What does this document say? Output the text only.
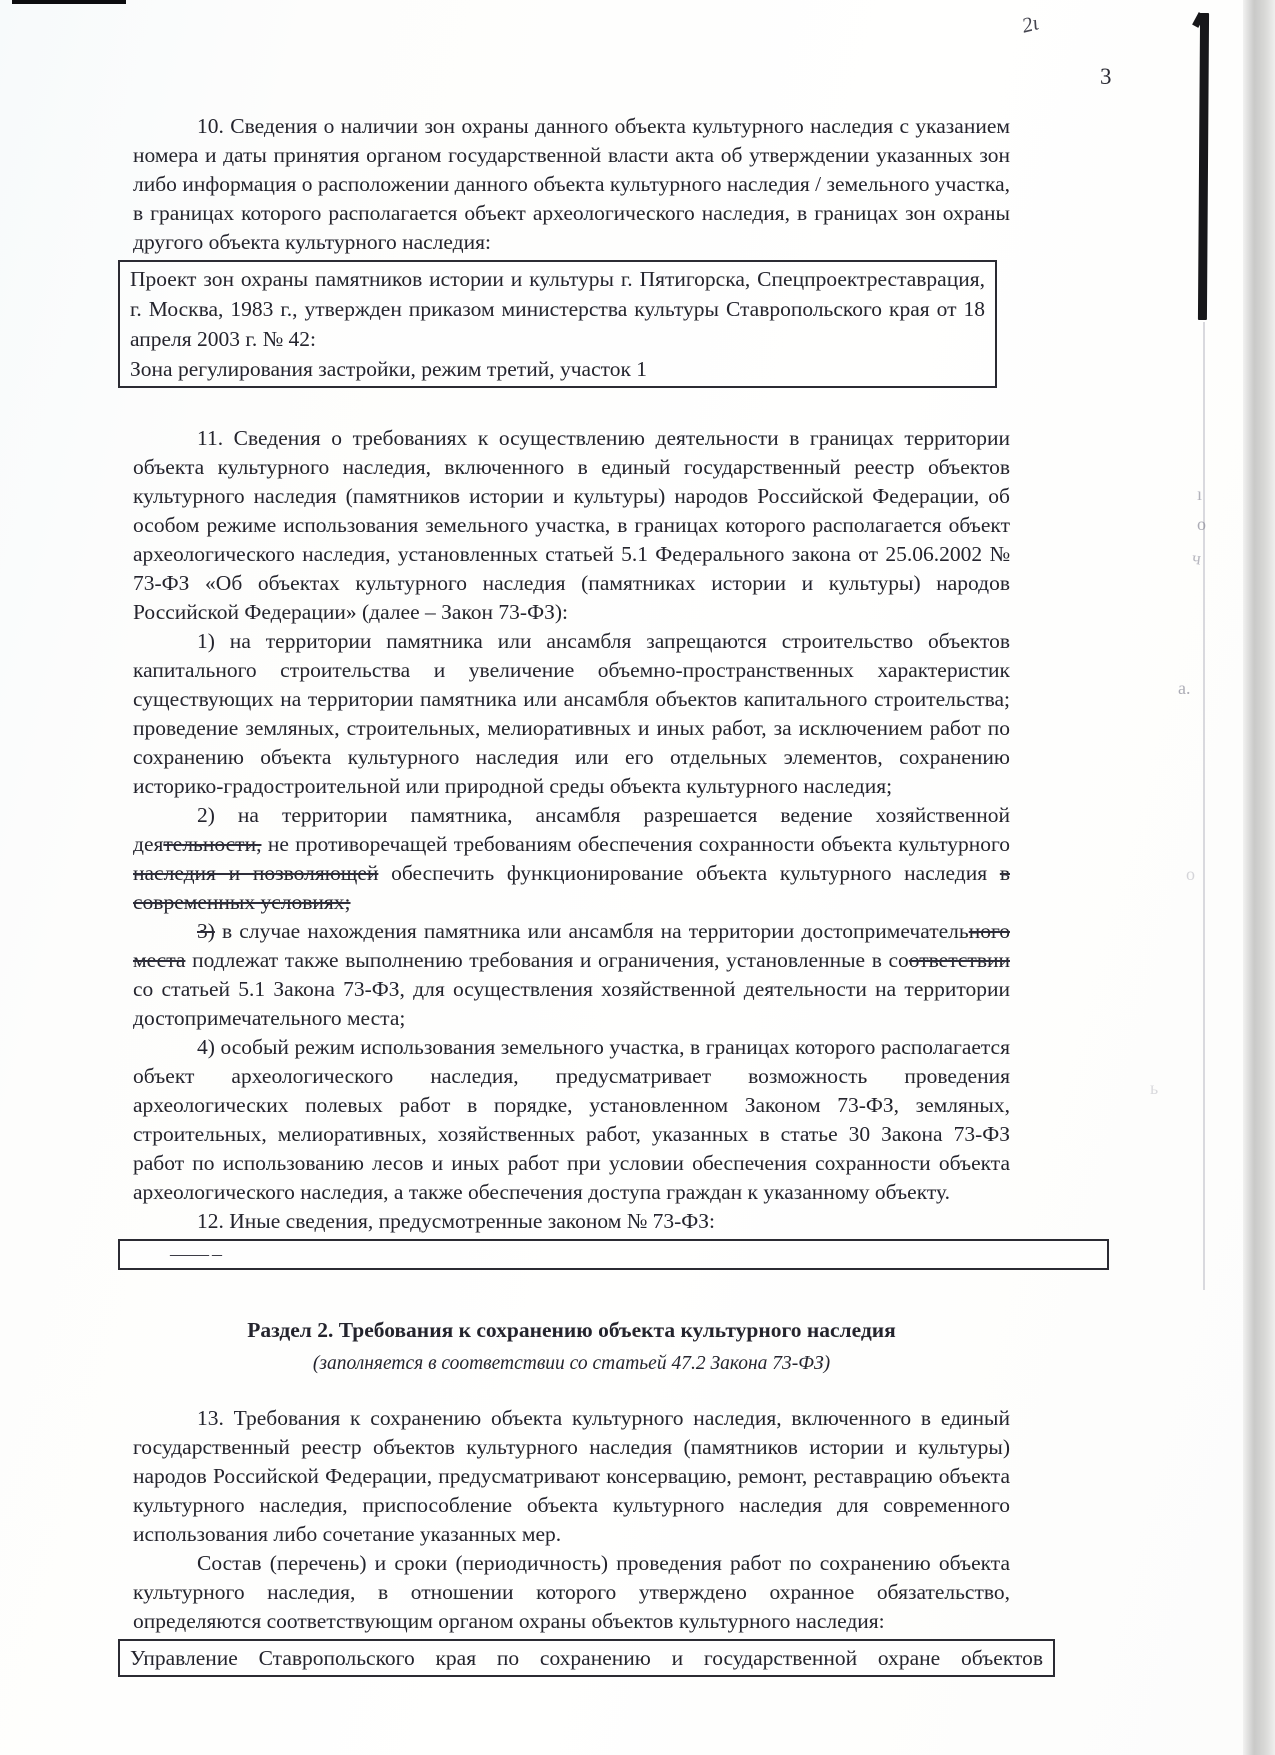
ı
о
ч
а.
о
ь
2ι
3

10. Сведения о наличии зон охраны данного объекта культурного наследия с указанием номера и даты принятия органом государственной власти акта об утверждении указанных зон либо информация о расположении данного объекта культурного наследия / земельного участка, в границах которого располагается объект археологического наследия, в границах зон охраны другого объекта культурного наследия:

Проект зон охраны памятников истории и культуры г. Пятигорска, Спецпроектреставрация, г. Москва, 1983 г., утвержден приказом министерства культуры Ставропольского края от 18 апреля 2003 г. № 42:

Зона регулирования застройки, режим третий, участок 1

11. Сведения о требованиях к осуществлению деятельности в границах территории объекта культурного наследия, включенного в единый государственный реестр объектов культурного наследия (памятников истории и культуры) народов Российской Федерации, об особом режиме использования земельного участка, в границах которого располагается объект археологического наследия, установленных статьей 5.1 Федерального закона от 25.06.2002 № 73-ФЗ «Об объектах культурного наследия (памятниках истории и культуры) народов Российской Федерации» (далее – Закон 73-ФЗ):

1) на территории памятника или ансамбля запрещаются строительство объектов капитального строительства и увеличение объемно-пространственных характеристик существующих на территории памятника или ансамбля объектов капитального строительства; проведение земляных, строительных, мелиоративных и иных работ, за исключением работ по сохранению объекта культурного наследия или его отдельных элементов, сохранению историко-градостроительной или природной среды объекта культурного наследия;

2) на территории памятника, ансамбля разрешается ведение хозяйственной деятельности, не противоречащей требованиям обеспечения сохранности объекта культурного наследия и позволяющей обеспечить функционирование объекта культурного наследия в современных условиях;

3) в случае нахождения памятника или ансамбля на территории достопримечательного места подлежат также выполнению требования и ограничения, установленные в соответствии со статьей 5.1 Закона 73-ФЗ, для осуществления хозяйственной деятельности на территории достопримечательного места;

4) особый режим использования земельного участка, в границах которого располагается объект археологического наследия, предусматривает возможность проведения археологических полевых работ в порядке, установленном Законом 73-ФЗ, земляных, строительных, мелиоративных, хозяйственных работ, указанных в статье 30 Закона 73-ФЗ работ по использованию лесов и иных работ при условии обеспечения сохранности объекта археологического наследия, а также обеспечения доступа граждан к указанному объекту.

12. Иные сведения, предусмотренные законом № 73-ФЗ:

—— –

Раздел 2. Требования к сохранению объекта культурного наследия

(заполняется в соответствии со статьей 47.2 Закона 73-ФЗ)

13. Требования к сохранению объекта культурного наследия, включенного в единый государственный реестр объектов культурного наследия (памятников истории и культуры) народов Российской Федерации, предусматривают консервацию, ремонт, реставрацию объекта культурного наследия, приспособление объекта культурного наследия для современного использования либо сочетание указанных мер.

Состав (перечень) и сроки (периодичность) проведения работ по сохранению объекта культурного наследия, в отношении которого утверждено охранное обязательство, определяются соответствующим органом охраны объектов культурного наследия:

Управление Ставропольского края по сохранению и государственной охране объектов
